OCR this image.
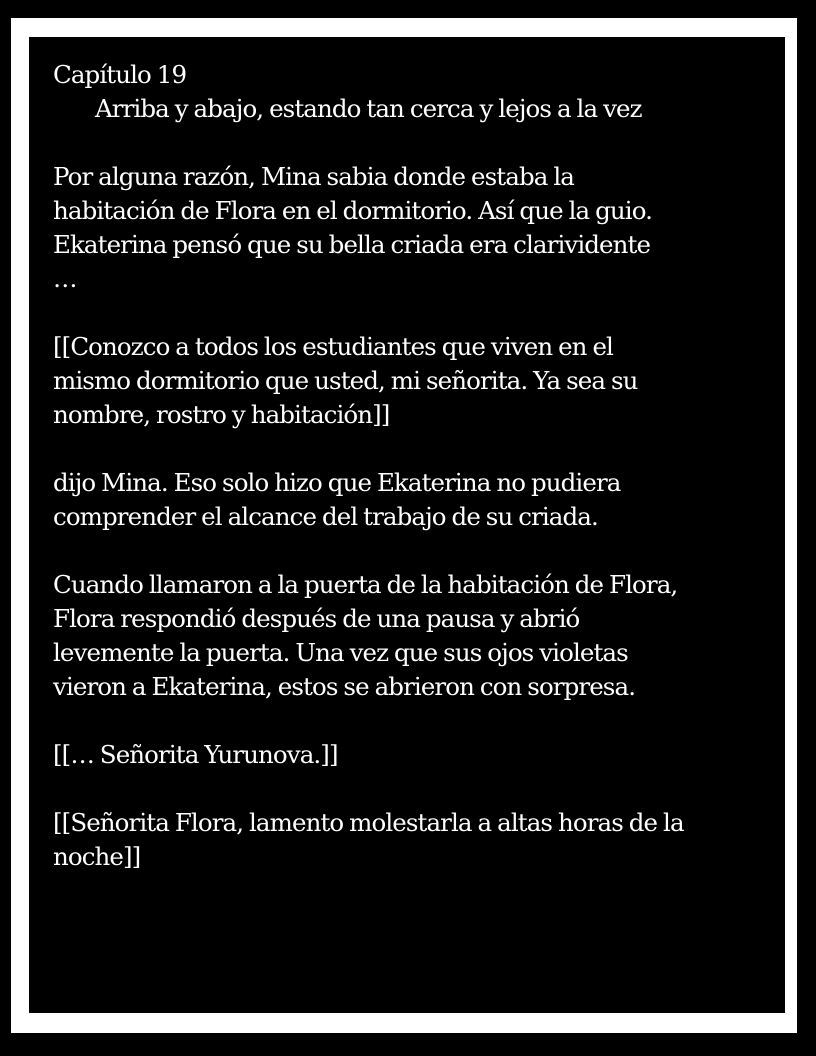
Capítulo 19
Arriba y abajo, estando tan cerca y lejos a la vez
Por alguna razón, Mina sabia donde estaba la
habitación de Flora en el dormitorio. Así que la guio.
Ekaterina pensó que su bella criada era clarividente
…
[[Conozco a todos los estudiantes que viven en el
mismo dormitorio que usted, mi señorita. Ya sea su
nombre, rostro y habitación]]
dijo Mina. Eso solo hizo que Ekaterina no pudiera
comprender el alcance del trabajo de su criada.
Cuando llamaron a la puerta de la habitación de Flora,
Flora respondió después de una pausa y abrió
levemente la puerta. Una vez que sus ojos violetas
vieron a Ekaterina, estos se abrieron con sorpresa.
[[… Señorita Yurunova.]]
[[Señorita Flora, lamento molestarla a altas horas de la
noche]]
